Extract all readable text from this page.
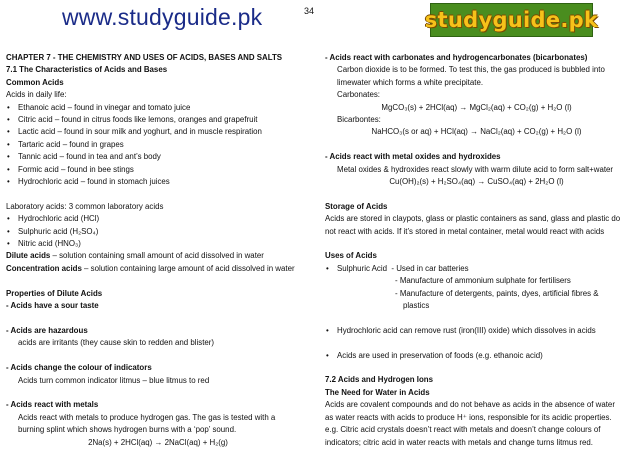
www.studyguide.pk	34	studyguide.pk
CHAPTER 7 - THE CHEMISTRY AND USES OF ACIDS, BASES AND SALTS
7.1 The Characteristics of Acids and Bases
Common Acids
Acids in daily life:
• Ethanoic acid – found in vinegar and tomato juice
• Citric acid – found in citrus foods like lemons, oranges and grapefruit
• Lactic acid – found in sour milk and yoghurt, and in muscle respiration
• Tartaric acid – found in grapes
• Tannic acid – found in tea and ant’s body
• Formic acid – found in bee stings
• Hydrochloric acid – found in stomach juices
Laboratory acids: 3 common laboratory acids
• Hydrochloric acid (HCl)
• Sulphuric acid (H₂SO₄)
• Nitric acid (HNO₃)
Dilute acids – solution containing small amount of acid dissolved in water
Concentration acids – solution containing large amount of acid dissolved in water
Properties of Dilute Acids
- Acids have a sour taste
- Acids are hazardous
acids are irritants (they cause skin to redden and blister)
- Acids change the colour of indicators
Acids turn common indicator litmus – blue litmus to red
- Acids react with metals
Acids react with metals to produce hydrogen gas. The gas is tested with a
burning splint which shows hydrogen burns with a ‘pop’ sound.
2Na(s) + 2HCl(aq) → 2NaCl(aq) + H₂(g)
- Acids react with carbonates and hydrogencarbonates (bicarbonates)
Carbon dioxide is to be formed. To test this, the gas produced is bubbled into
limewater which forms a white precipitate.
Carbonates:
MgCO₃(s) + 2HCl(aq) → MgCl₂(aq) + CO₂(g) + H₂O (l)
Bicarbontes:
NaHCO₃(s or aq) + HCl(aq) → NaCl₂(aq) + CO₂(g) + H₂O (l)
- Acids react with metal oxides and hydroxides
Metal oxides & hydroxides react slowly with warm dilute acid to form salt+water
Cu(OH)₂(s) + H₂SO₄(aq) → CuSO₄(aq) + 2H₂O (l)
Storage of Acids
Acids are stored in claypots, glass or plastic containers as sand, glass and plastic do
not react with acids. If it’s stored in metal container, metal would react with acids
Uses of Acids
• Sulphuric Acid - Used in car batteries
- Manufacture of ammonium sulphate for fertilisers
- Manufacture of detergents, paints, dyes, artificial fibres &
plastics
• Hydrochloric acid can remove rust (iron(III) oxide) which dissolves in acids
• Acids are used in preservation of foods (e.g. ethanoic acid)
7.2 Acids and Hydrogen Ions
The Need for Water in Acids
Acids are covalent compounds and do not behave as acids in the absence of water
as water reacts with acids to produce H⁺ ions, responsible for its acidic properties.
e.g. Citric acid crystals doesn’t react with metals and doesn’t change colours of
indicators; citric acid in water reacts with metals and change turns litmus red.
